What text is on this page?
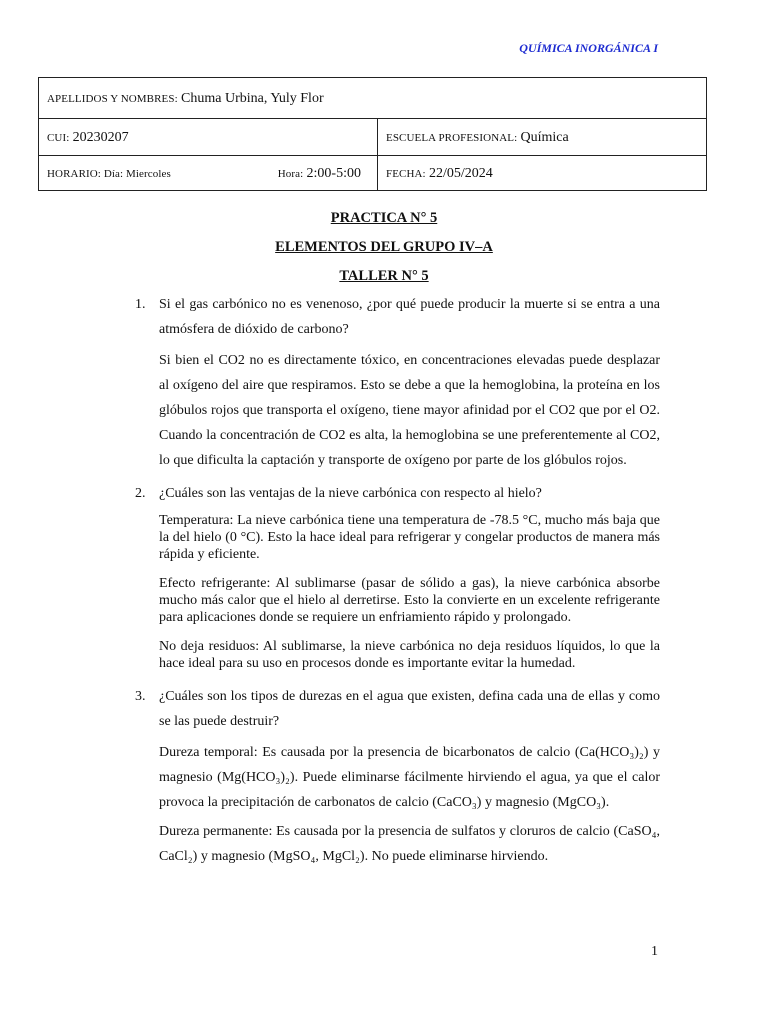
QUÍMICA INORGÁNICA I
APELLIDOS Y NOMBRES: Chuma Urbina, Yuly Flor	
CUI: 20230207	ESCUELA PROFESIONAL: Química
HORARIO: Día: Miercoles Hora: 2:00-5:00	FECHA: 22/05/2024
PRACTICA N° 5
ELEMENTOS DEL GRUPO IV–A
TALLER N° 5
1. Si el gas carbónico no es venenoso, ¿por qué puede producir la muerte si se entra a una atmósfera de dióxido de carbono?

Si bien el CO2 no es directamente tóxico, en concentraciones elevadas puede desplazar al oxígeno del aire que respiramos. Esto se debe a que la hemoglobina, la proteína en los glóbulos rojos que transporta el oxígeno, tiene mayor afinidad por el CO2 que por el O2. Cuando la concentración de CO2 es alta, la hemoglobina se une preferentemente al CO2, lo que dificulta la captación y transporte de oxígeno por parte de los glóbulos rojos.

2. ¿Cuáles son las ventajas de la nieve carbónica con respecto al hielo?

Temperatura: La nieve carbónica tiene una temperatura de -78.5 °C, mucho más baja que la del hielo (0 °C). Esto la hace ideal para refrigerar y congelar productos de manera más rápida y eficiente.

Efecto refrigerante: Al sublimarse (pasar de sólido a gas), la nieve carbónica absorbe mucho más calor que el hielo al derretirse. Esto la convierte en un excelente refrigerante para aplicaciones donde se requiere un enfriamiento rápido y prolongado.

No deja residuos: Al sublimarse, la nieve carbónica no deja residuos líquidos, lo que la hace ideal para su uso en procesos donde es importante evitar la humedad.

3. ¿Cuáles son los tipos de durezas en el agua que existen, defina cada una de ellas y como se las puede destruir?

Dureza temporal: Es causada por la presencia de bicarbonatos de calcio (Ca(HCO₃)₂) y magnesio (Mg(HCO₃)₂). Puede eliminarse fácilmente hirviendo el agua, ya que el calor provoca la precipitación de carbonatos de calcio (CaCO₃) y magnesio (MgCO₃).

Dureza permanente: Es causada por la presencia de sulfatos y cloruros de calcio (CaSO₄, CaCl₂) y magnesio (MgSO₄, MgCl₂). No puede eliminarse hirviendo.

1
